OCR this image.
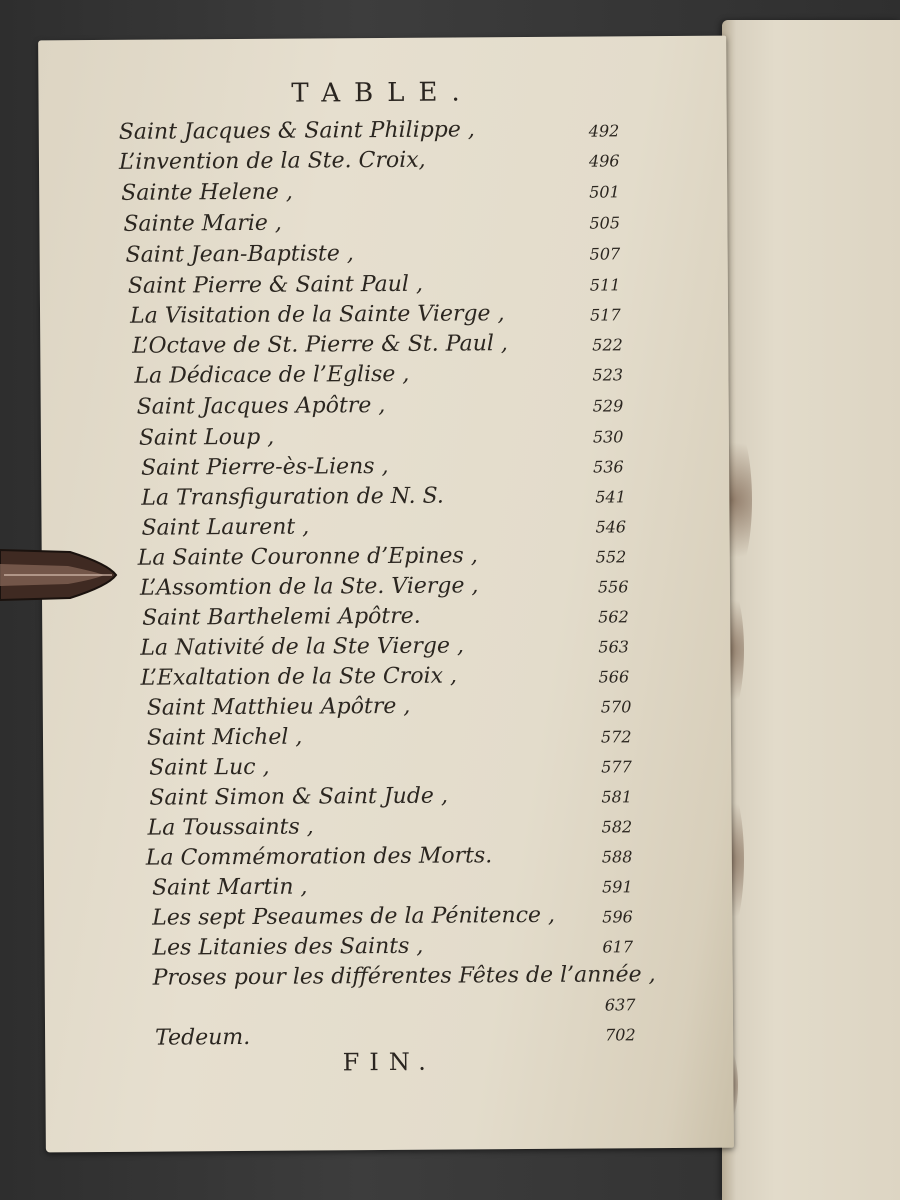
TABLE.
Saint Jacques & Saint Philippe ,
L’invention de la Ste. Croix,
Sainte Helene ,
Sainte Marie ,
Saint Jean-Baptiste ,
Saint Pierre & Saint Paul ,
La Visitation de la Sainte Vierge ,
L’Octave de St. Pierre & St. Paul ,
La Dédicace de l’Eglise ,
Saint Jacques Apôtre ,
Saint Loup ,
Saint Pierre-ès-Liens ,
La Transfiguration de N. S.
Saint Laurent ,
La Sainte Couronne d’Epines ,
L’Assomtion de la Ste. Vierge ,
Saint Barthelemi Apôtre.
La Nativité de la Ste Vierge ,
L’Exaltation de la Ste Croix ,
Saint Matthieu Apôtre ,
Saint Michel ,
Saint Luc ,
Saint Simon & Saint Jude ,
La Toussaints ,
La Commémoration des Morts.
Saint Martin ,
Les sept Pseaumes de la Pénitence ,
Les Litanies des Saints ,
Proses pour les différentes Fêtes de l’année ,
Tedeum.
492
496
501
505
507
511
517
522
523
529
530
536
541
546
552
556
562
563
566
570
572
577
581
582
588
591
596
617
637
702
FIN.
